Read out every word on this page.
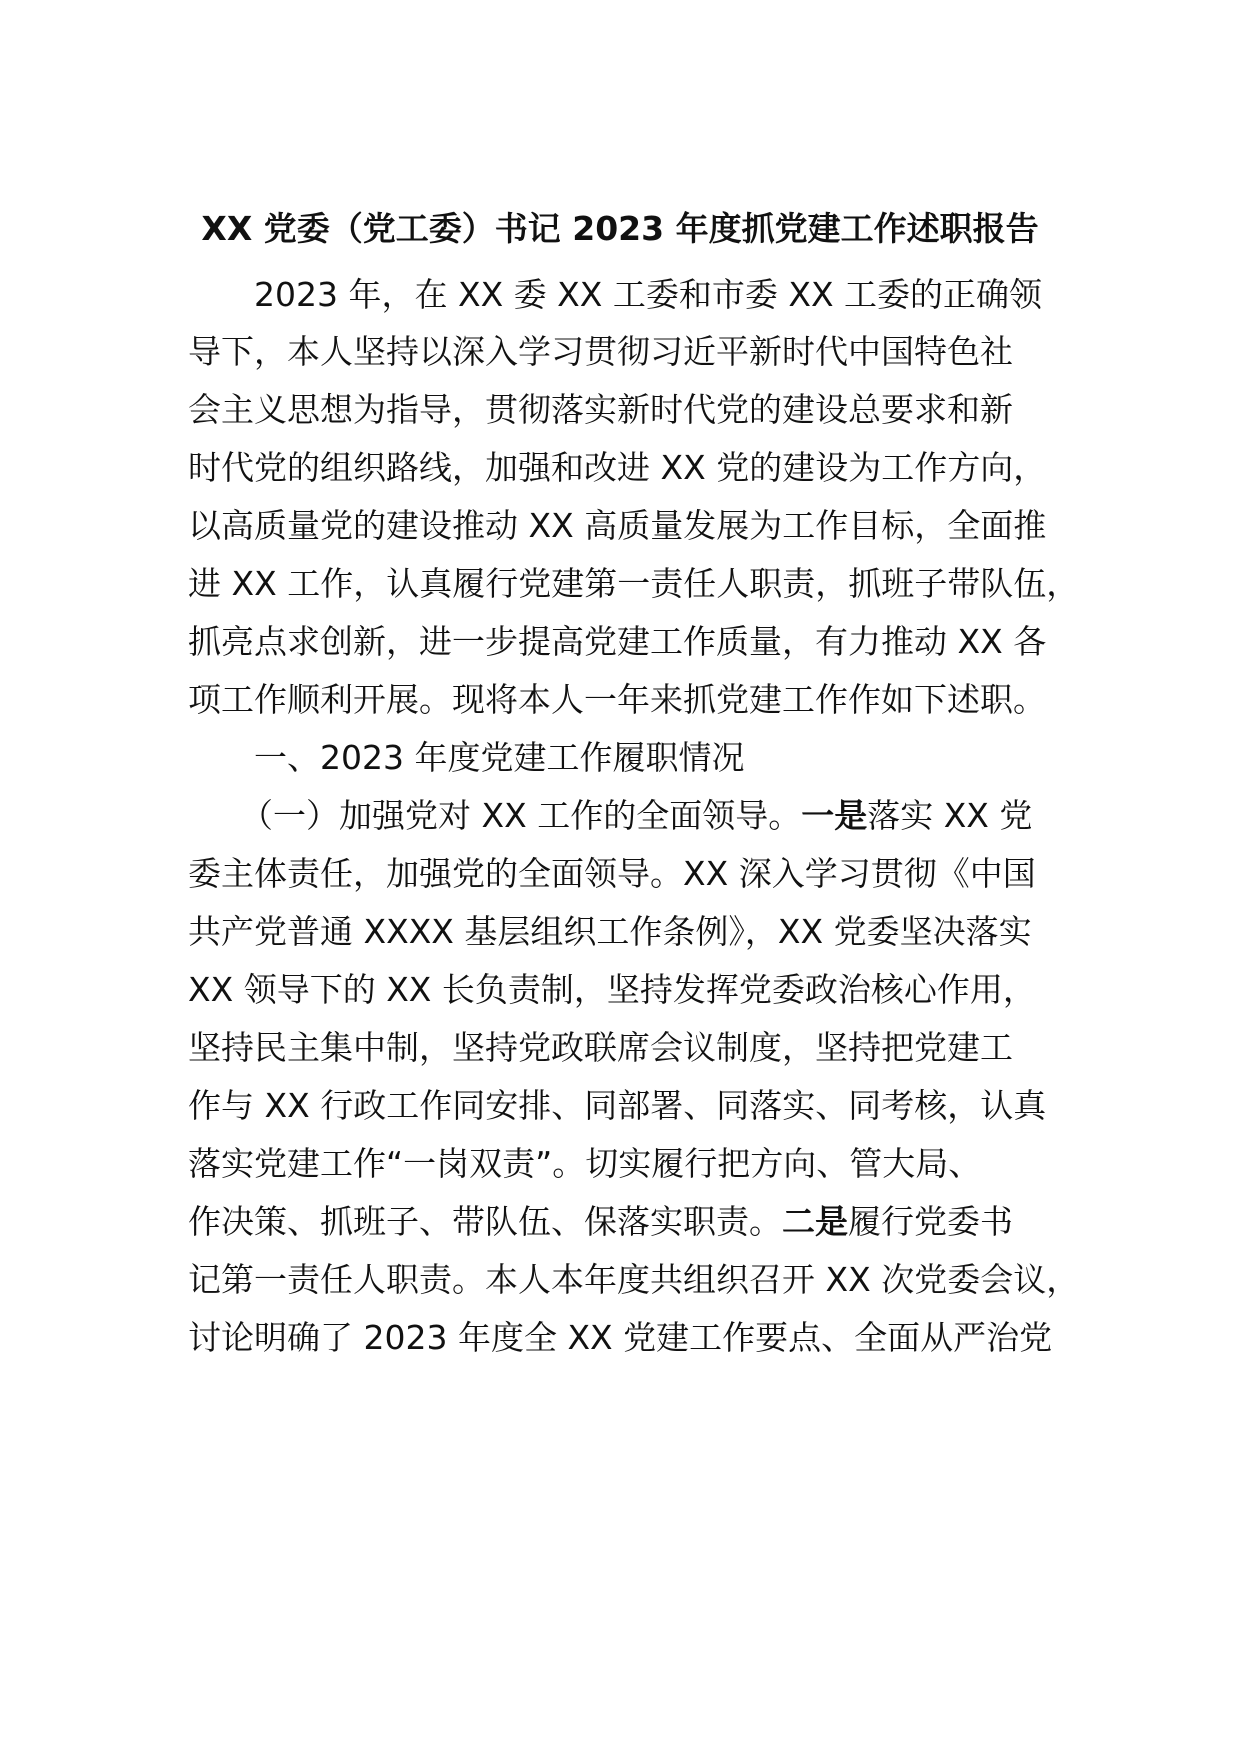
XX 党委（党工委）书记 2023 年度抓党建工作述职报告
2023 年，在 XX 委 XX 工委和市委 XX 工委的正确领
导下，本人坚持以深入学习贯彻习近平新时代中国特色社
会主义思想为指导，贯彻落实新时代党的建设总要求和新
时代党的组织路线，加强和改进 XX 党的建设为工作方向，
以高质量党的建设推动 XX 高质量发展为工作目标，全面推
进 XX 工作，认真履行党建第一责任人职责，抓班子带队伍，
抓亮点求创新，进一步提高党建工作质量，有力推动 XX 各
项工作顺利开展。现将本人一年来抓党建工作作如下述职。
一、2023 年度党建工作履职情况
（一）加强党对 XX 工作的全面领导。一是落实 XX 党
委主体责任，加强党的全面领导。XX 深入学习贯彻《中国
共产党普通 XXXX 基层组织工作条例》，XX 党委坚决落实
XX 领导下的 XX 长负责制，坚持发挥党委政治核心作用，
坚持民主集中制，坚持党政联席会议制度，坚持把党建工
作与 XX 行政工作同安排、同部署、同落实、同考核，认真
落实党建工作“一岗双责”。切实履行把方向、管大局、
作决策、抓班子、带队伍、保落实职责。二是履行党委书
记第一责任人职责。本人本年度共组织召开 XX 次党委会议，
讨论明确了 2023 年度全 XX 党建工作要点、全面从严治党
